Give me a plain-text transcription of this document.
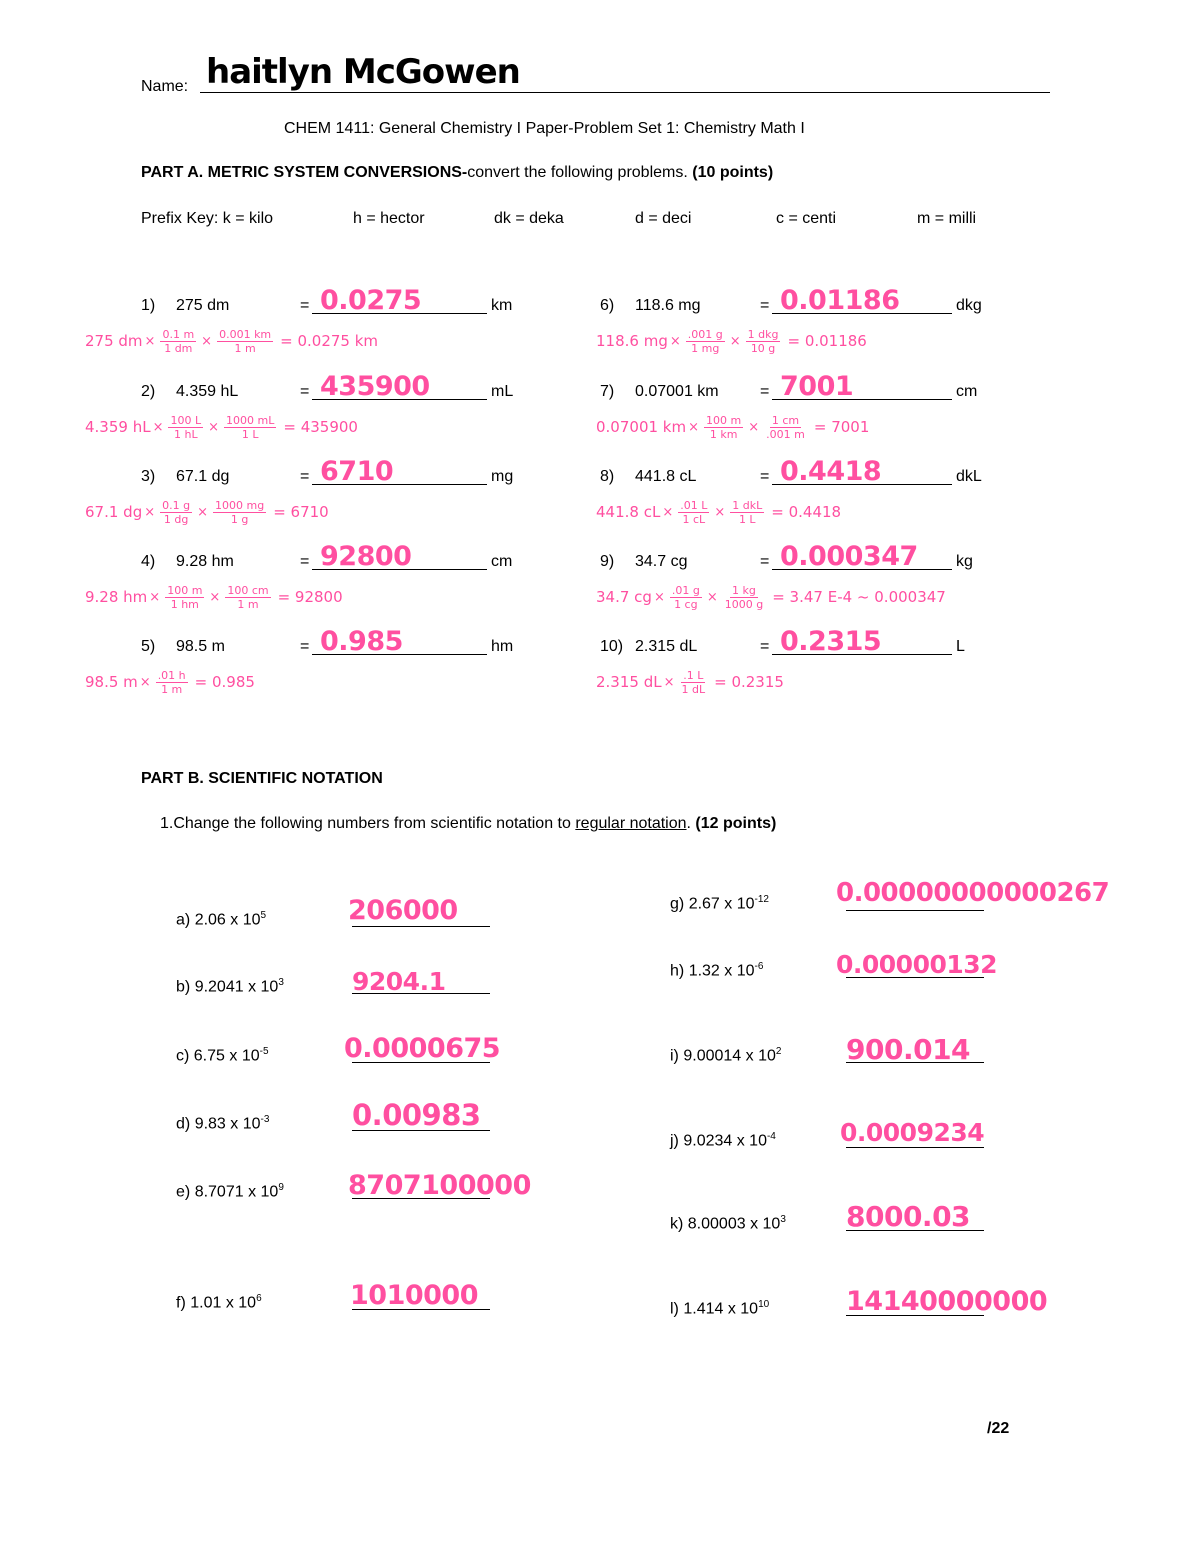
Name: haitlyn McGowen
CHEM 1411: General Chemistry I Paper-Problem Set 1: Chemistry Math I
PART A. METRIC SYSTEM CONVERSIONS-convert the following problems. (10 points)
Prefix Key: k = kilo	h = hector	dk = deka	d = deci	c = centi	m = milli
1) 275 dm	= 0.0275	km
275 dm × $\frac{0.1 m}{1 dm} \times \frac{0.001 km}{1 m} = 0.0275$ km
2) 4.359 hL	= 435900	mL
4.359 hL × $\frac{100 L}{1 hL} \times \frac{1000 mL}{1 L} = 435900$
3) 67.1 dg	= 6710	mg
67.1 dg × $\frac{0.1 g}{1 dg} \times \frac{1000 mg}{1 g} = 6710$
4) 9.28 hm	= 92800	cm
9.28 hm × $\frac{100 m}{1 hm} \times \frac{100 cm}{1 m} = 92800$
5) 98.5 m	= 0.985	hm
98.5 $m \times \frac{.01 h}{1 m} = 0.985$
6) 118.6 mg	= 0.01186	dkg
118.6 mg × $\frac{.001 g}{1 mg} \times \frac{\text{1 dkg}}{10 g} = 0.01186$
7) 0.07001 km	= 7001	cm
0.07001 km × $\frac{100 m}{1 km} \times \frac{1 cm}{.001 m} = 7001$
8) 441.8 cL	= 0.4418	dkL
441.8 cL × $\frac{.01 L}{1 cL} \times \frac{\text{1 dkL}}{1 L} = 0.4418$
9) 34.7 cg	= 0.000347 kg
34.7 cg × $\frac{.01 g}{1 cg} \times \frac{1 kg}{1000 g} = 3.47$ E-4 ~ 0.000347
10) 2.315 dL	= 0.2315	L
2.315 dL × $\frac{.1 L}{1 dL} = 0.2315$
PART B. SCIENTIFIC NOTATION
1.Change the following numbers from scientific notation to regular notation. (12 points)
a) 2.06 x $10^5$	206000
b) 9.2041 x $10^3$	9204.1
c) 6.75 x $10^{-5}$	0.0000675
d) 9.83 x $10^{-3}$	0.00983
e) 8.7071 x $10^9$ 8707100000
f) 1.01 x $10^6$	1010000
g) 2.67 x $10^{-12}$	0.00000000000267
h) 1.32 x $10^{-6}$	0.00000132
i) 9.00014 x $10^2$ 900.014
j) 9.0234 x $10^{-4}$	0.0009234
k) 8.00003 x $10^3$ 8000.03
l) 1.414 x $10^{10}$	14140000000
/22
